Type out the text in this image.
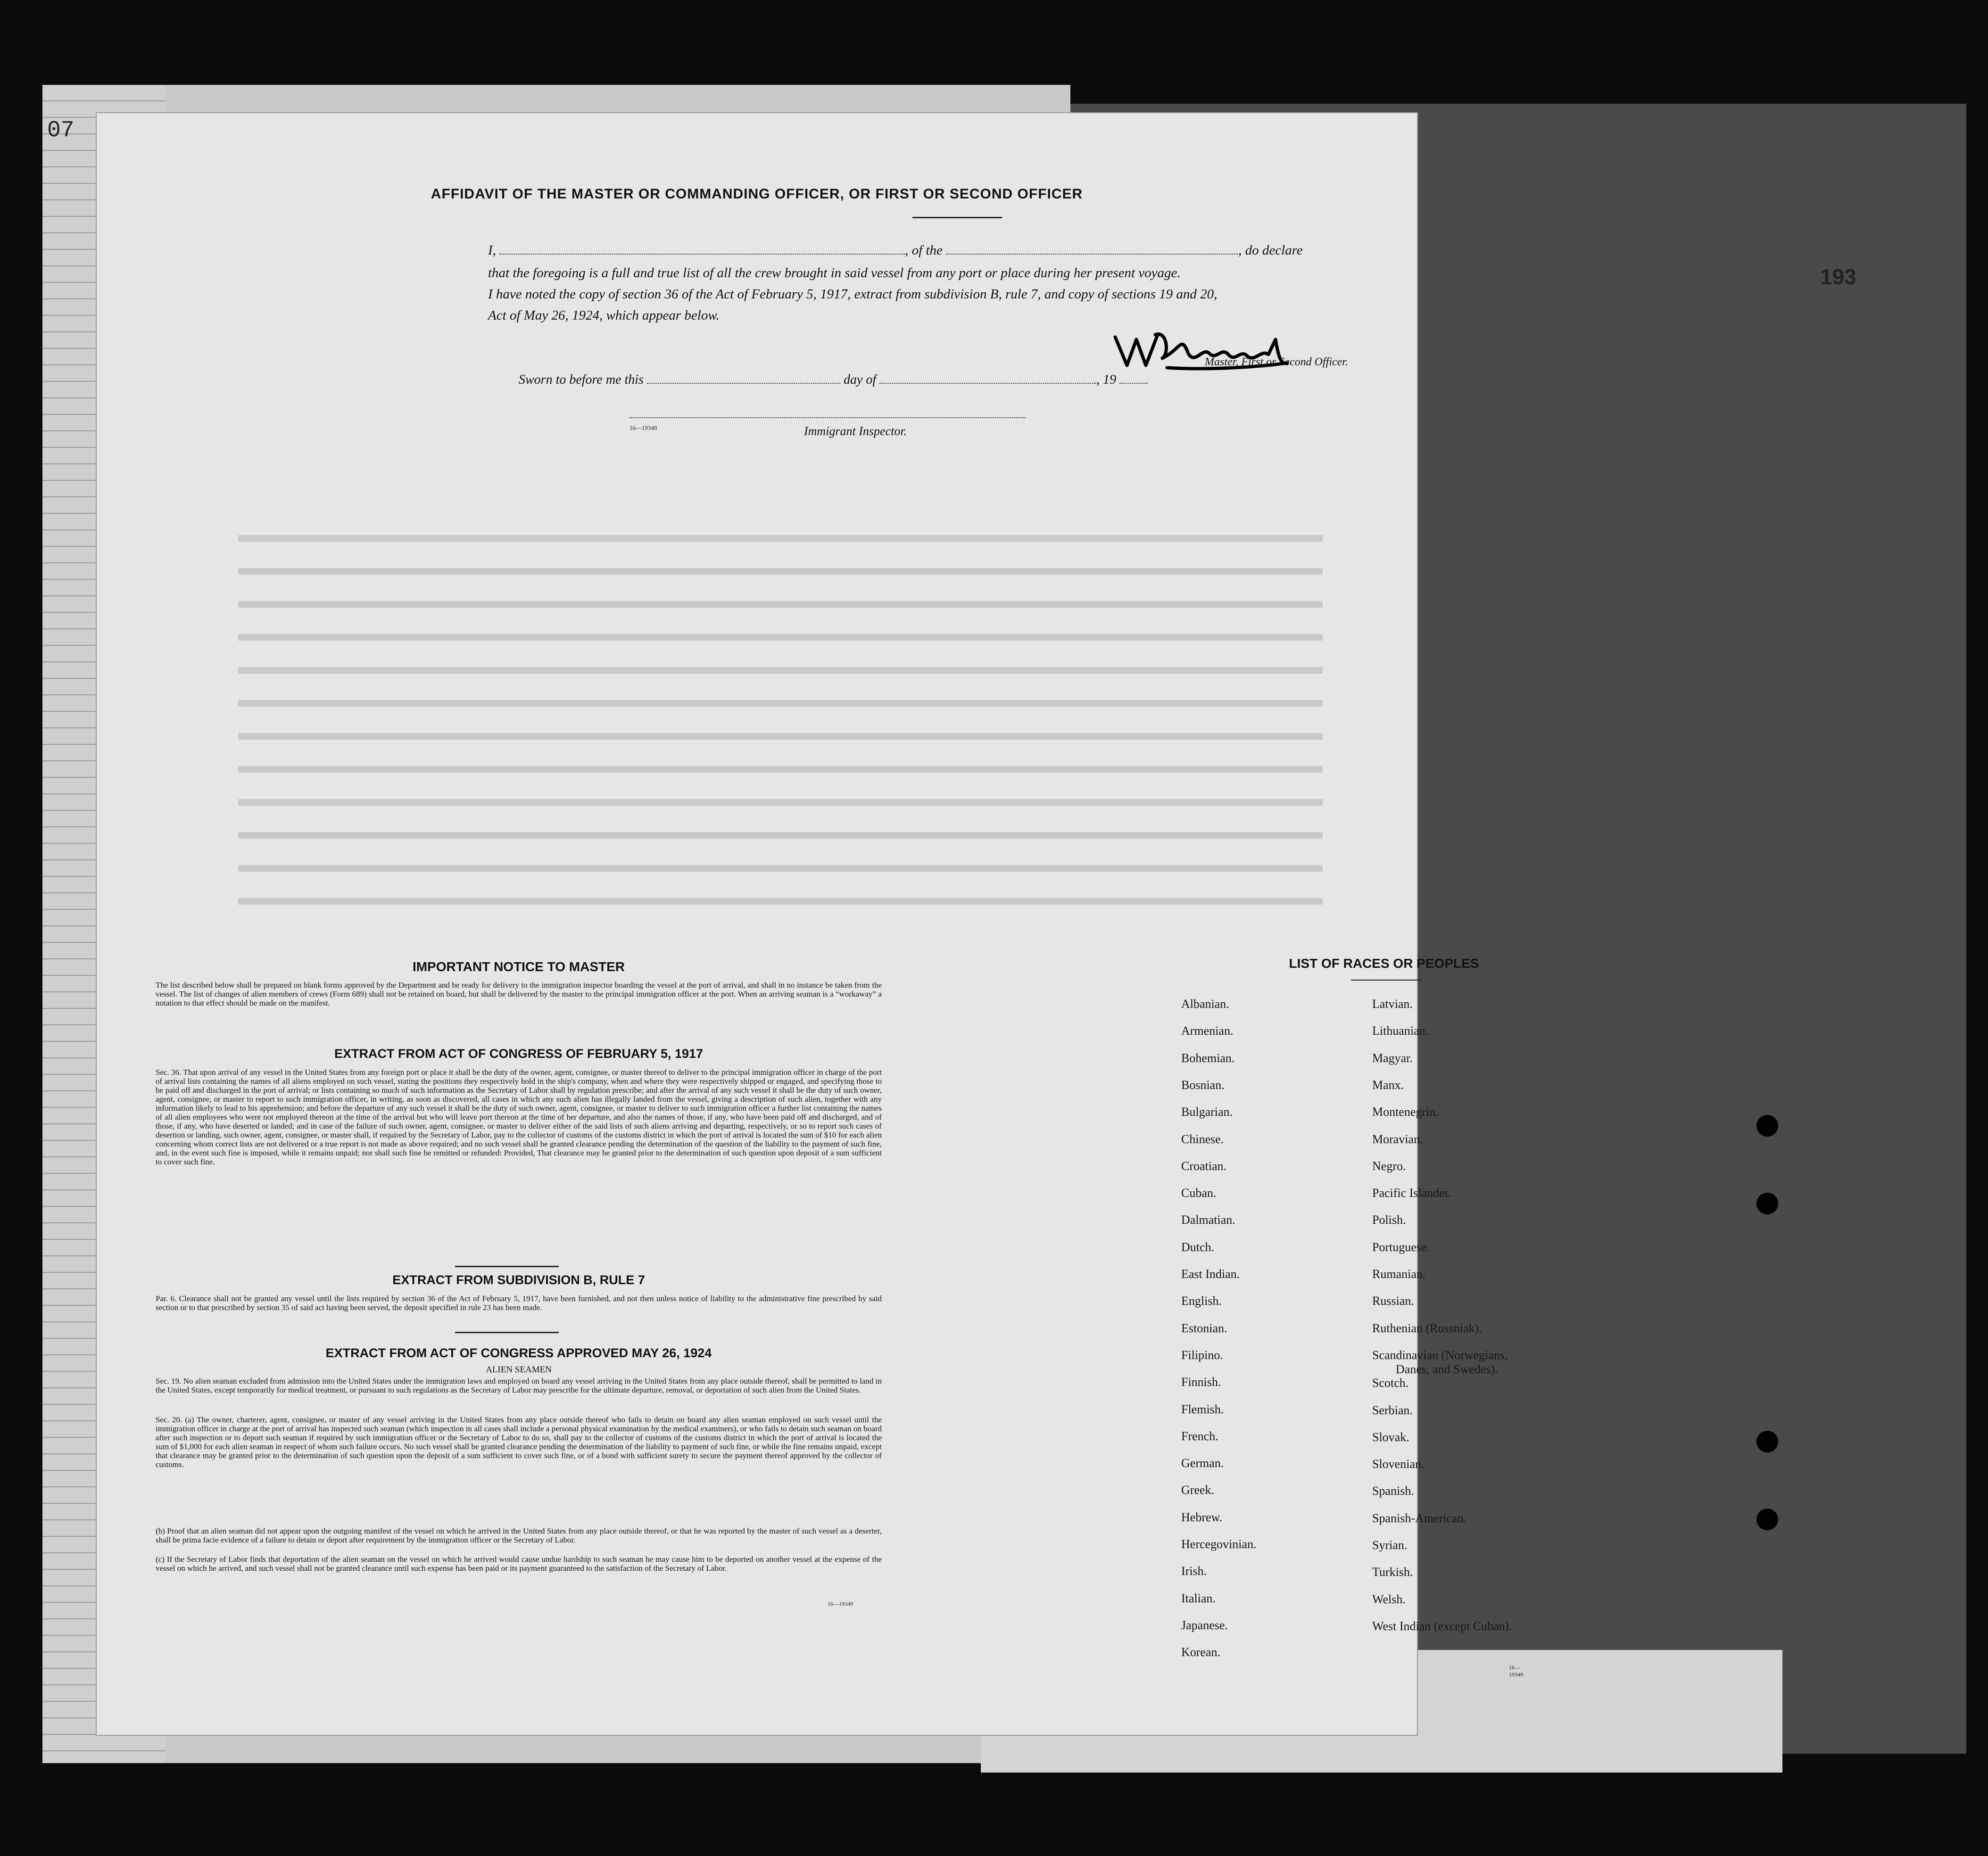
07
193
AFFIDAVIT OF THE MASTER OR COMMANDING OFFICER, OR FIRST OR SECOND OFFICER
I,	, of the	, do declare
that the foregoing is a full and true list of all the crew brought in said vessel from any port or place during her present voyage.
I have noted the copy of section 36 of the Act of February 5, 1917, extract from subdivision B, rule 7, and copy of sections 19 and 20,
Act of May 26, 1924, which appear below.
Master, First or Second Officer.
Sworn to before me this	day of	, 19
16—19349	Immigrant Inspector.
IMPORTANT NOTICE TO MASTER
The list described below shall be prepared on blank forms approved by the Department and be ready for delivery to the immigration inspector boarding the vessel at the port of arrival, and shall in no instance be taken from the vessel. The list of changes of alien members of crews (Form 689) shall not be retained on board, but shall be delivered by the master to the principal immigration officer at the port. When an arriving seaman is a “workaway” a notation to that effect should be made on the manifest.
EXTRACT FROM ACT OF CONGRESS OF FEBRUARY 5, 1917
Sec. 36. That upon arrival of any vessel in the United States from any foreign port or place it shall be the duty of the owner, agent, consignee, or master thereof to deliver to the principal immigration officer in charge of the port of arrival lists containing the names of all aliens employed on such vessel, stating the positions they respectively hold in the ship's company, when and where they were respectively shipped or engaged, and specifying those to be paid off and discharged in the port of arrival; or lists containing so much of such information as the Secretary of Labor shall by regulation prescribe; and after the arrival of any such vessel it shall be the duty of such owner, agent, consignee, or master to report to such immigration officer, in writing, as soon as discovered, all cases in which any such alien has illegally landed from the vessel, giving a description of such alien, together with any information likely to lead to his apprehension; and before the departure of any such vessel it shall be the duty of such owner, agent, consignee, or master to deliver to such immigration officer a further list containing the names of all alien employees who were not employed thereon at the time of the arrival but who will leave port thereon at the time of her departure, and also the names of those, if any, who have been paid off and discharged, and of those, if any, who have deserted or landed; and in case of the failure of such owner, agent, consignee, or master to deliver either of the said lists of such aliens arriving and departing, respectively, or so to report such cases of desertion or landing, such owner, agent, consignee, or master shall, if required by the Secretary of Labor, pay to the collector of customs of the customs district in which the port of arrival is located the sum of $10 for each alien concerning whom correct lists are not delivered or a true report is not made as above required; and no such vessel shall be granted clearance pending the determination of the question of the liability to the payment of such fine, and, in the event such fine is imposed, while it remains unpaid; nor shall such fine be remitted or refunded: Provided, That clearance may be granted prior to the determination of such question upon deposit of a sum sufficient to cover such fine.
EXTRACT FROM SUBDIVISION B, RULE 7
Par. 6. Clearance shall not be granted any vessel until the lists required by section 36 of the Act of February 5, 1917, have been furnished, and not then unless notice of liability to the administrative fine prescribed by said section or to that prescribed by section 35 of said act having been served, the deposit specified in rule 23 has been made.
EXTRACT FROM ACT OF CONGRESS APPROVED MAY 26, 1924
ALIEN SEAMEN
Sec. 19. No alien seaman excluded from admission into the United States under the immigration laws and employed on board any vessel arriving in the United States from any place outside thereof, shall be permitted to land in the United States, except temporarily for medical treatment, or pursuant to such regulations as the Secretary of Labor may prescribe for the ultimate departure, removal, or deportation of such alien from the United States.
Sec. 20. (a) The owner, charterer, agent, consignee, or master of any vessel arriving in the United States from any place outside thereof who fails to detain on board any alien seaman employed on such vessel until the immigration officer in charge at the port of arrival has inspected such seaman (which inspection in all cases shall include a personal physical examination by the medical examiners), or who fails to detain such seaman on board after such inspection or to deport such seaman if required by such immigration officer or the Secretary of Labor to do so, shall pay to the collector of customs of the customs district in which the port of arrival is located the sum of $1,000 for each alien seaman in respect of whom such failure occurs. No such vessel shall be granted clearance pending the determination of the liability to payment of such fine, or while the fine remains unpaid, except that clearance may be granted prior to the determination of such question upon the deposit of a sum sufficient to cover such fine, or of a bond with sufficient surety to secure the payment thereof approved by the collector of customs.
(b) Proof that an alien seaman did not appear upon the outgoing manifest of the vessel on which he arrived in the United States from any place outside thereof, or that he was reported by the master of such vessel as a deserter, shall be prima facie evidence of a failure to detain or deport after requirement by the immigration officer or the Secretary of Labor.
(c) If the Secretary of Labor finds that deportation of the alien seaman on the vessel on which he arrived would cause undue hardship to such seaman he may cause him to be deported on another vessel at the expense of the vessel on which he arrived, and such vessel shall not be granted clearance until such expense has been paid or its payment guaranteed to the satisfaction of the Secretary of Labor.
16—19349
LIST OF RACES OR PEOPLES
16—19349
Albanian.
Armenian.
Bohemian.
Bosnian.
Bulgarian.
Chinese.
Croatian.
Cuban.
Dalmatian.
Dutch.
East Indian.
English.
Estonian.
Filipino.
Finnish.
Flemish.
French.
German.
Greek.
Hebrew.
Hercegovinian.
Irish.
Italian.
Japanese.
Korean.
Latvian.
Lithuanian.
Magyar.
Manx.
Montenegrin.
Moravian.
Negro.
Pacific Islander.
Polish.
Portuguese.
Rumanian.
Russian.
Ruthenian (Russniak).
Scandinavian (Norwegians,
Danes, and Swedes).
Scotch.
Serbian.
Slovak.
Slovenian.
Spanish.
Spanish-American.
Syrian.
Turkish.
Welsh.
West Indian (except Cuban).
